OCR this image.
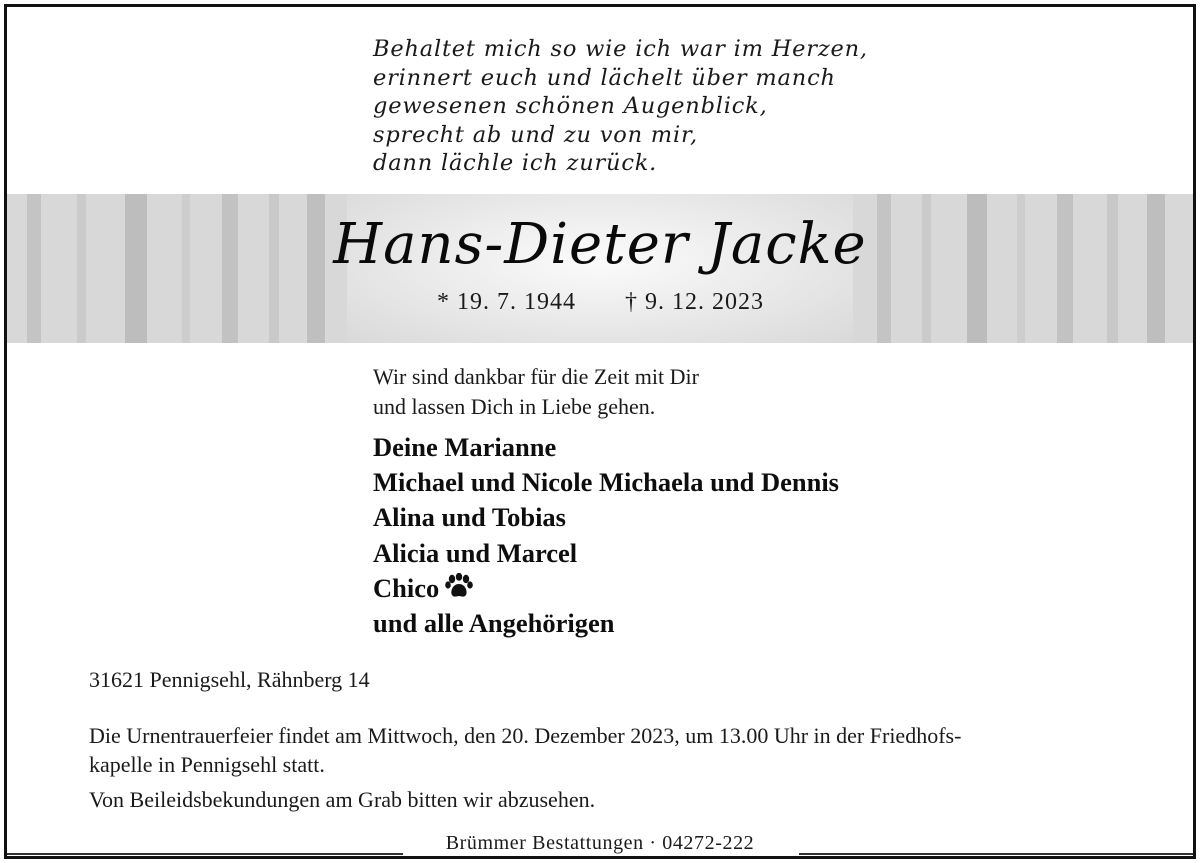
Behaltet mich so wie ich war im Herzen,
erinnert euch und lächelt über manch
gewesenen schönen Augenblick,
sprecht ab und zu von mir,
dann lächle ich zurück.
Hans-Dieter Jacke
* 19. 7. 1944 † 9. 12. 2023
Wir sind dankbar für die Zeit mit Dir
und lassen Dich in Liebe gehen.
Deine Marianne
Michael und Nicole Michaela und Dennis
Alina und Tobias
Alicia und Marcel
Chico
und alle Angehörigen
31621 Pennigsehl, Rähnberg 14
Die Urnentrauerfeier findet am Mittwoch, den 20. Dezember 2023, um 13.00 Uhr in der Friedhofs-
kapelle in Pennigsehl statt.
Von Beileidsbekundungen am Grab bitten wir abzusehen.
Brümmer Bestattungen · 04272-222
